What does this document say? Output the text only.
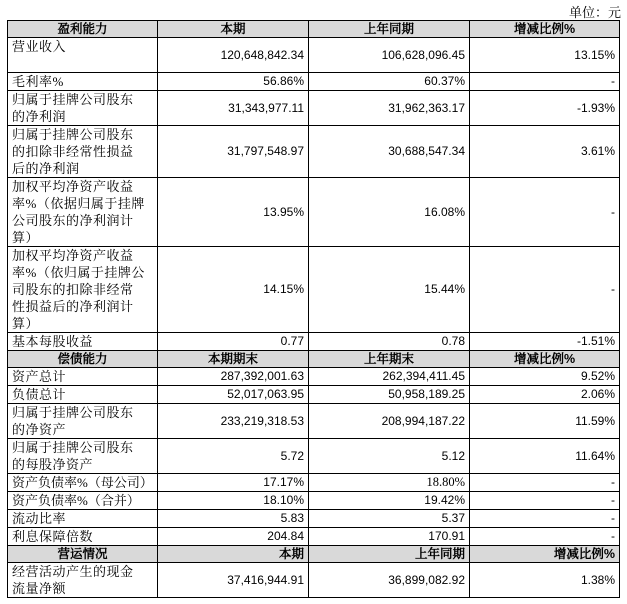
单位：元
盈利能力	本期	上年同期	增减比例%
营业收入	120,648,842.34	106,628,096.45	13.15%
毛利率%	56.86%	60.37%	-
归属于挂牌公司股东
的净利润	31,343,977.11	31,962,363.17	-1.93%
归属于挂牌公司股东
的扣除非经常性损益
后的净利润	31,797,548.97	30,688,547.34	3.61%
加权平均净资产收益
率%（依据归属于挂牌
公司股东的净利润计
算）	13.95%	16.08%	-
加权平均净资产收益
率%（依归属于挂牌公
司股东的扣除非经常
性损益后的净利润计
算）	14.15%	15.44%	-
基本每股收益	0.77	0.78	-1.51%
偿债能力	本期期末	上年期末	增减比例%
资产总计	287,392,001.63	262,394,411.45	9.52%
负债总计	52,017,063.95	50,958,189.25	2.06%
归属于挂牌公司股东
的净资产	233,219,318.53	208,994,187.22	11.59%
归属于挂牌公司股东
的每股净资产	5.72	5.12	11.64%
资产负债率%（母公司）	17.17%	18.80%	-
资产负债率%（合并）	18.10%	19.42%	-
流动比率	5.83	5.37	-
利息保障倍数	204.84	170.91	-
营运情况	本期	上年同期	增减比例%
经营活动产生的现金
流量净额	37,416,944.91	36,899,082.92	1.38%
